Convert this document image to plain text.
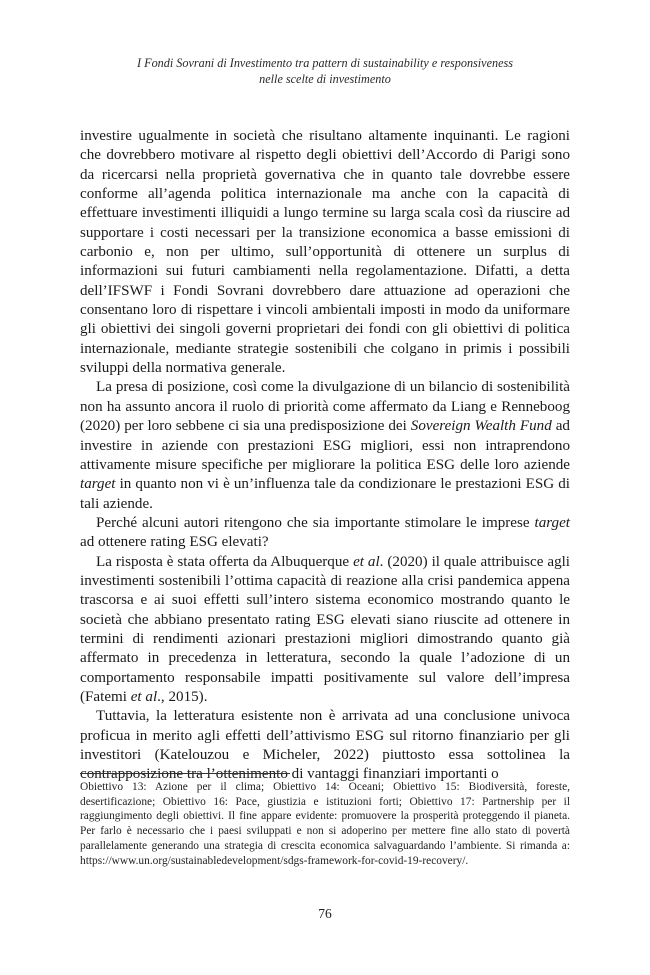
I Fondi Sovrani di Investimento tra pattern di sustainability e responsiveness
nelle scelte di investimento

investire ugualmente in società che risultano altamente inquinanti. Le ragioni che dovrebbero motivare al rispetto degli obiettivi dell’Accordo di Parigi sono da ricercarsi nella proprietà governativa che in quanto tale dovrebbe essere conforme all’agenda politica internazionale ma anche con la capacità di effettuare investimenti illiquidi a lungo termine su larga scala così da riuscire ad supportare i costi necessari per la transizione economica a basse emissioni di carbonio e, non per ultimo, sull’opportunità di ottenere un surplus di informazioni sui futuri cambiamenti nella regolamentazione. Difatti, a detta dell’IFSWF i Fondi Sovrani dovrebbero dare attuazione ad operazioni che consentano loro di rispettare i vincoli ambientali imposti in modo da uniformare gli obiettivi dei singoli governi proprietari dei fondi con gli obiettivi di politica internazionale, mediante strategie sostenibili che colgano in primis i possibili sviluppi della normativa generale.

La presa di posizione, così come la divulgazione di un bilancio di sostenibilità non ha assunto ancora il ruolo di priorità come affermato da Liang e Renneboog (2020) per loro sebbene ci sia una predisposizione dei Sovereign Wealth Fund ad investire in aziende con prestazioni ESG migliori, essi non intraprendono attivamente misure specifiche per migliorare la politica ESG delle loro aziende target in quanto non vi è un’influenza tale da condizionare le prestazioni ESG di tali aziende.

Perché alcuni autori ritengono che sia importante stimolare le imprese target ad ottenere rating ESG elevati?

La risposta è stata offerta da Albuquerque et al. (2020) il quale attribuisce agli investimenti sostenibili l’ottima capacità di reazione alla crisi pandemica appena trascorsa e ai suoi effetti sull’intero sistema economico mostrando quanto le società che abbiano presentato rating ESG elevati siano riuscite ad ottenere in termini di rendimenti azionari prestazioni migliori dimostrando quanto già affermato in precedenza in letteratura, secondo la quale l’adozione di un comportamento responsabile impatti positivamente sul valore dell’impresa (Fatemi et al., 2015).

Tuttavia, la letteratura esistente non è arrivata ad una conclusione univoca proficua in merito agli effetti dell’attivismo ESG sul ritorno finanziario per gli investitori (Katelouzou e Micheler, 2022) piuttosto essa sottolinea la contrapposizione tra l’ottenimento di vantaggi finanziari importanti o

Obiettivo 13: Azione per il clima; Obiettivo 14: Oceani; Obiettivo 15: Biodiversità, foreste, desertificazione; Obiettivo 16: Pace, giustizia e istituzioni forti; Obiettivo 17: Partnership per il raggiungimento degli obiettivi. Il fine appare evidente: promuovere la prosperità proteggendo il pianeta. Per farlo è necessario che i paesi sviluppati e non si adoperino per mettere fine allo stato di povertà parallelamente generando una strategia di crescita economica salvaguardando l’ambiente. Si rimanda a: https://www.un.org/sustainabledevelopment/sdgs-framework-for-covid-19-recovery/.
76
